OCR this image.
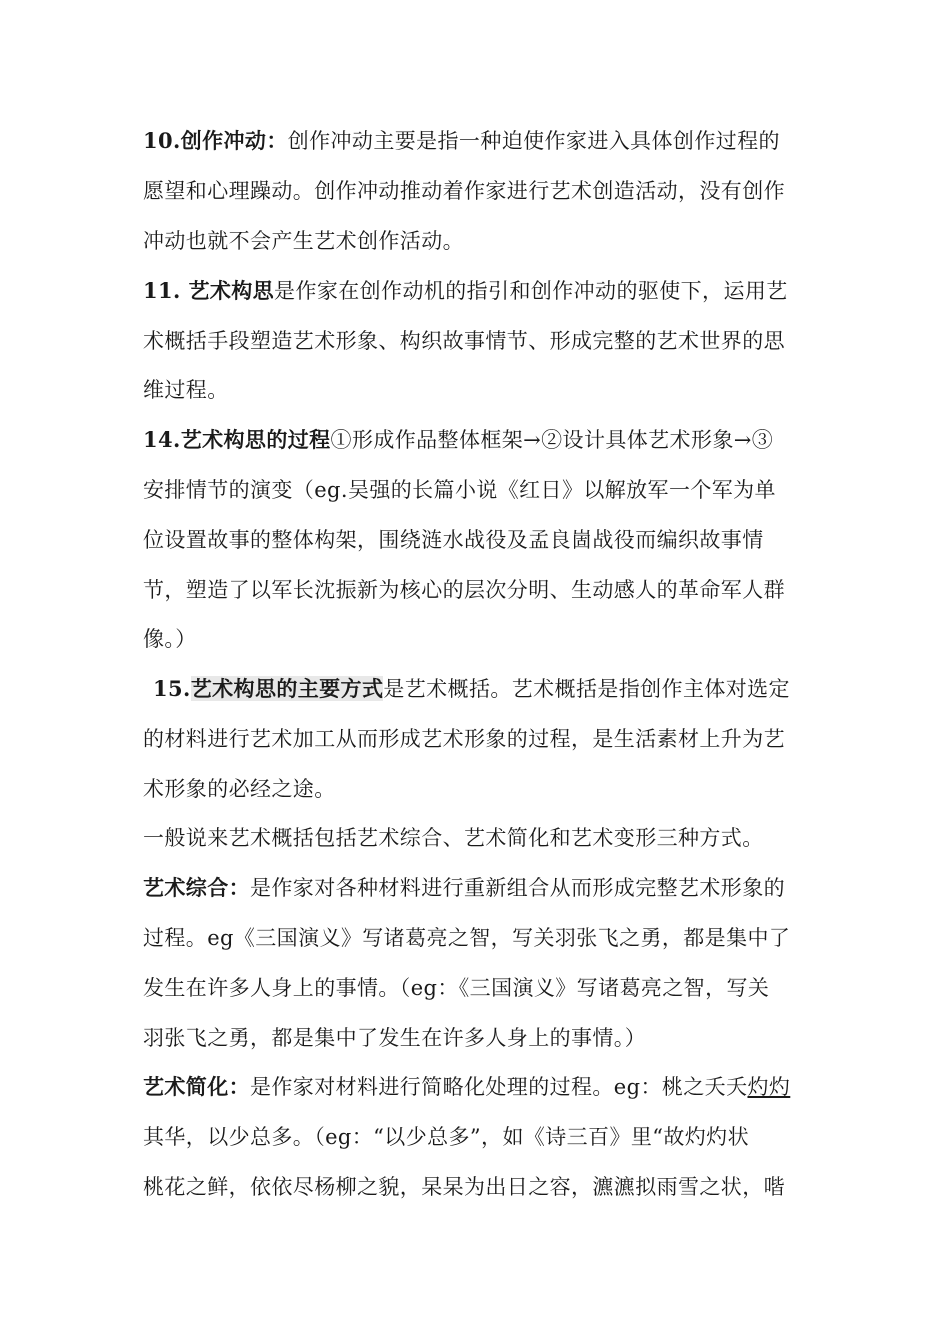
10.创作冲动：创作冲动主要是指一种迫使作家进入具体创作过程的
愿望和心理躁动。创作冲动推动着作家进行艺术创造活动，没有创作
冲动也就不会产生艺术创作活动。
11. 艺术构思是作家在创作动机的指引和创作冲动的驱使下，运用艺
术概括手段塑造艺术形象、构织故事情节、形成完整的艺术世界的思
维过程。
14.艺术构思的过程①形成作品整体框架→②设计具体艺术形象→③
安排情节的演变（eg.吴强的长篇小说《红日》以解放军一个军为单
位设置故事的整体构架，围绕涟水战役及孟良崮战役而编织故事情
节，塑造了以军长沈振新为核心的层次分明、生动感人的革命军人群
像。）
15.艺术构思的主要方式是艺术概括。艺术概括是指创作主体对选定
的材料进行艺术加工从而形成艺术形象的过程，是生活素材上升为艺
术形象的必经之途。
一般说来艺术概括包括艺术综合、艺术简化和艺术变形三种方式。
艺术综合：是作家对各种材料进行重新组合从而形成完整艺术形象的
过程。eg《三国演义》写诸葛亮之智，写关羽张飞之勇，都是集中了
发生在许多人身上的事情。（eg：《三国演义》写诸葛亮之智，写关
羽张飞之勇，都是集中了发生在许多人身上的事情。）
艺术简化：是作家对材料进行简略化处理的过程。eg：桃之夭夭灼灼
其华，以少总多。（eg：“以少总多”，如《诗三百》里“故灼灼状
桃花之鲜，依依尽杨柳之貌，杲杲为出日之容，瀌瀌拟雨雪之状，喈
